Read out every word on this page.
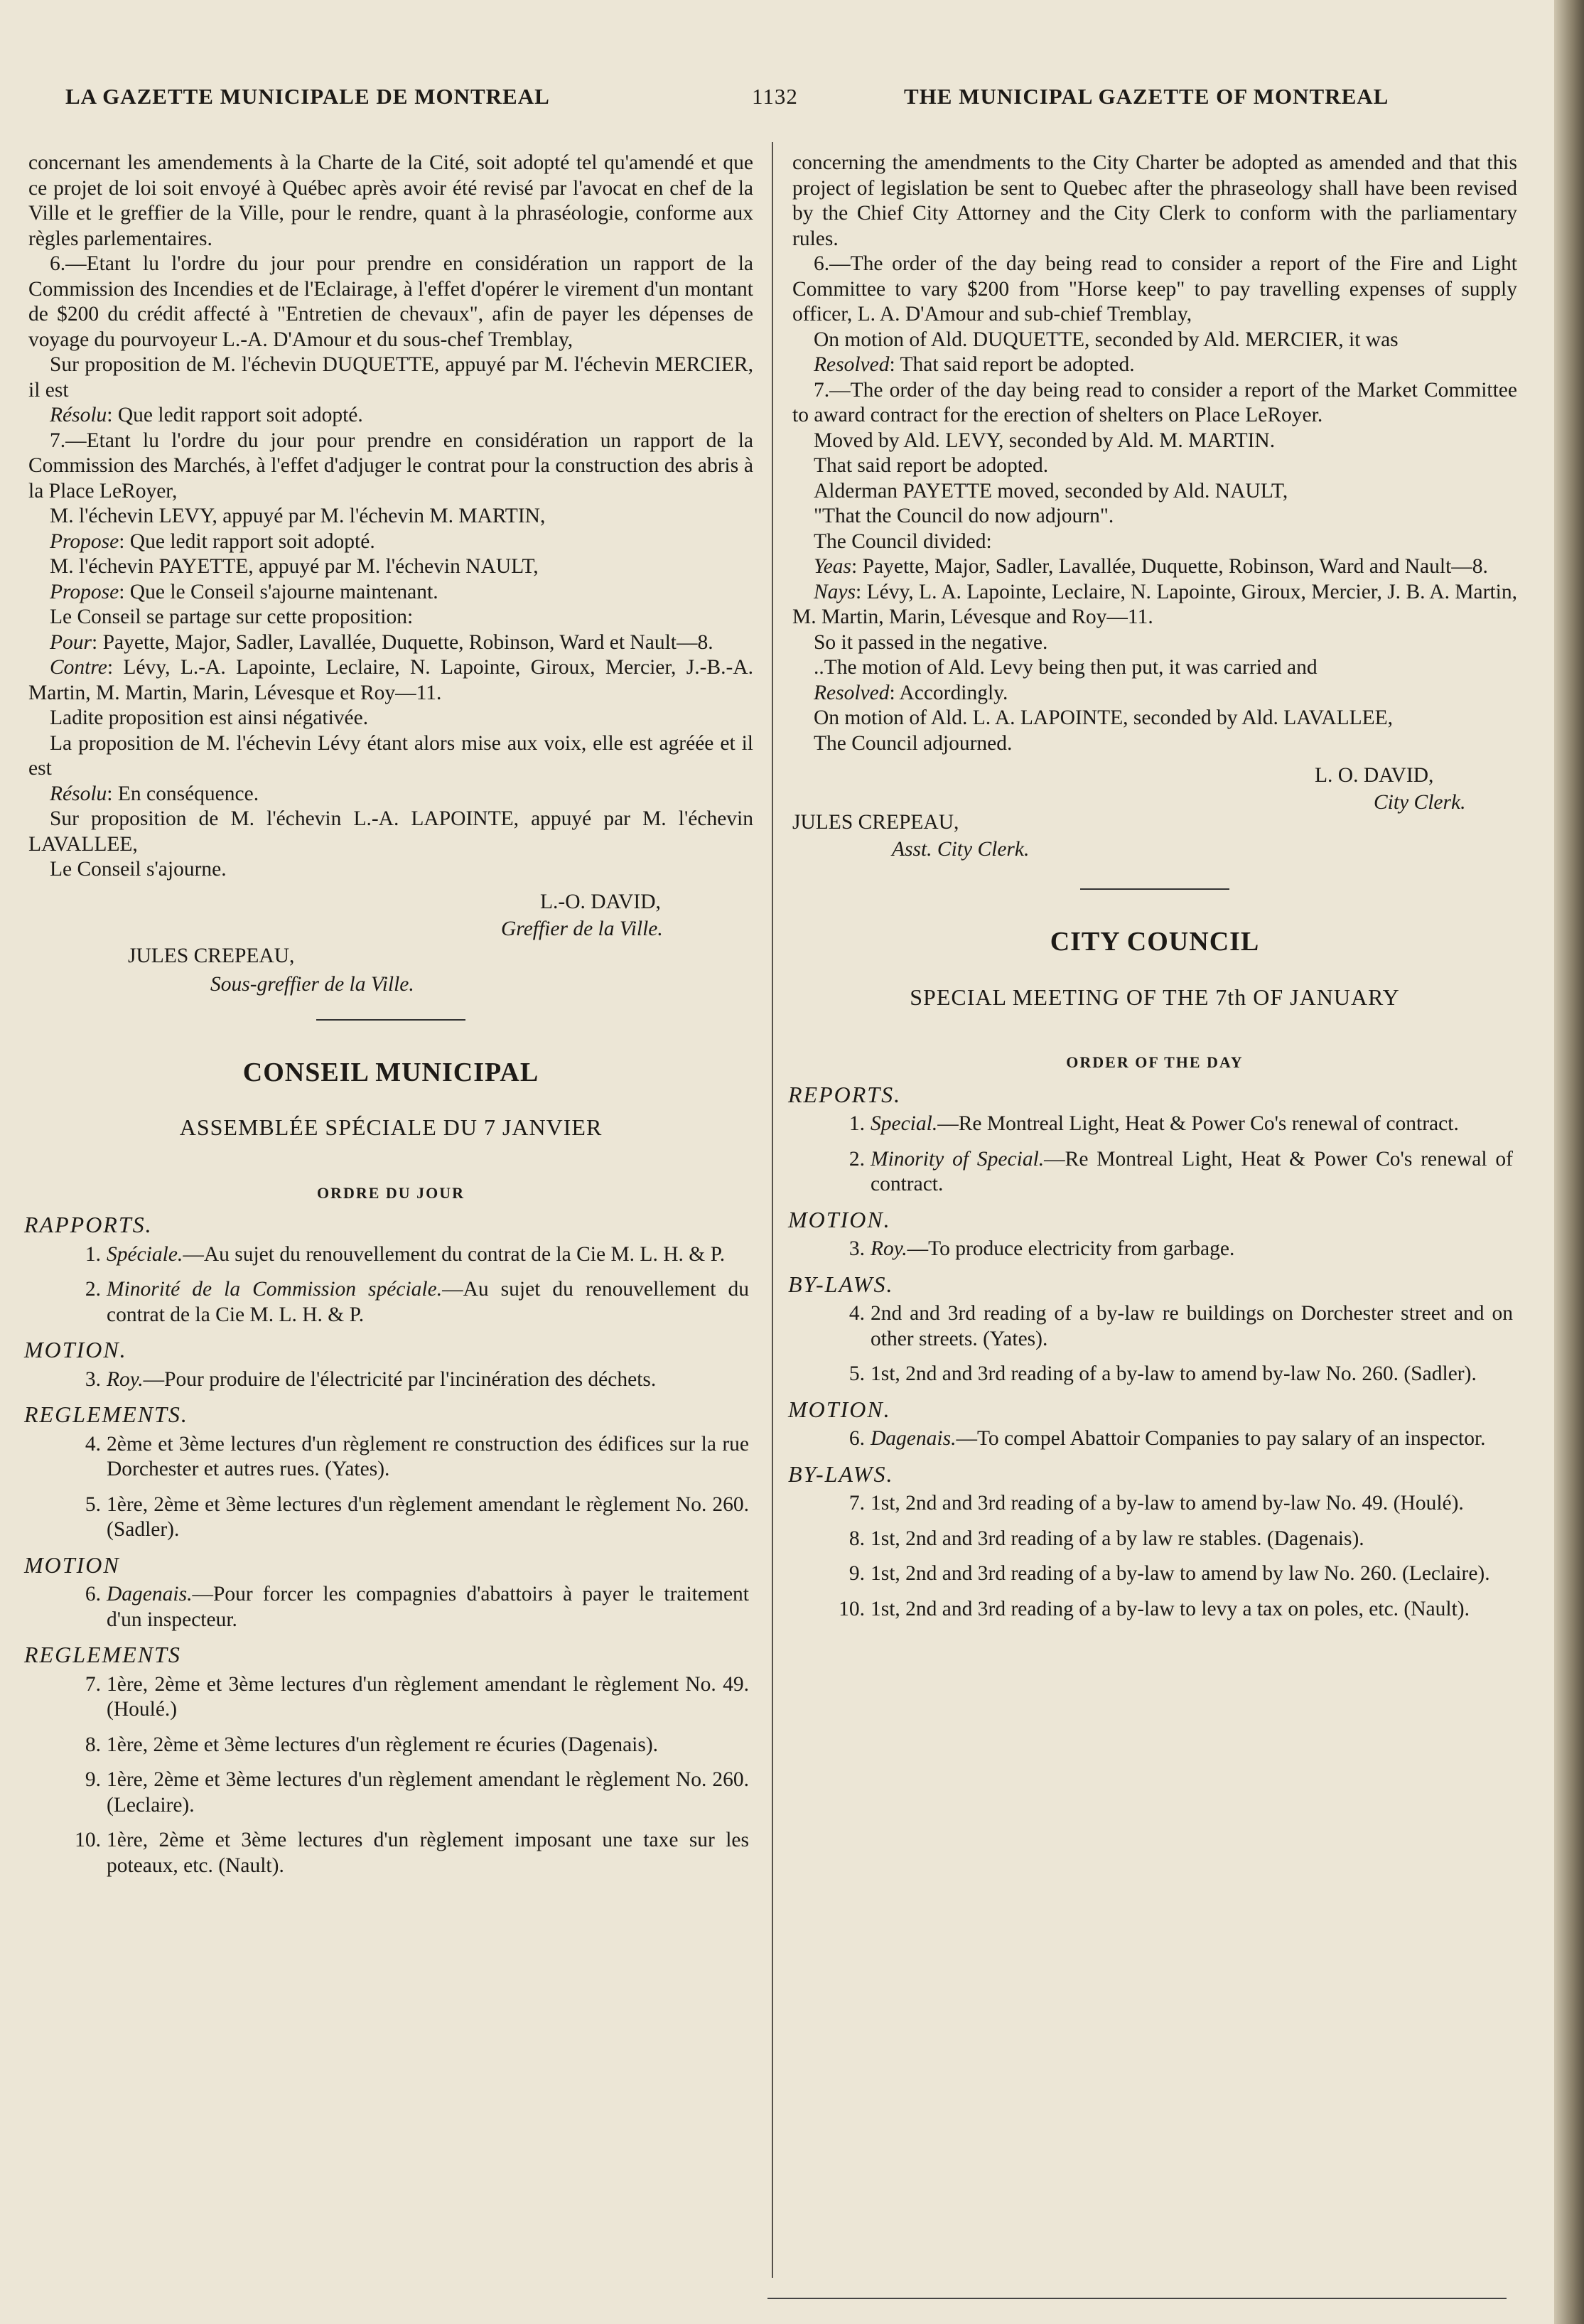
LA GAZETTE MUNICIPALE DE MONTREAL	1132	THE MUNICIPAL GAZETTE OF MONTREAL

concernant les amendements à la Charte de la Cité, soit adopté tel qu'amendé et que ce projet de loi soit envoyé à Québec après avoir été revisé par l'avocat en chef de la Ville et le greffier de la Ville, pour le rendre, quant à la phraséologie, conforme aux règles parlementaires.

6.—Etant lu l'ordre du jour pour prendre en considération un rapport de la Commission des Incendies et de l'Eclairage, à l'effet d'opérer le virement d'un montant de $200 du crédit affecté à "Entretien de chevaux", afin de payer les dépenses de voyage du pourvoyeur L.-A. D'Amour et du sous-chef Tremblay,

Sur proposition de M. l'échevin DUQUETTE, appuyé par M. l'échevin MERCIER, il est

Résolu: Que ledit rapport soit adopté.

7.—Etant lu l'ordre du jour pour prendre en considération un rapport de la Commission des Marchés, à l'effet d'adjuger le contrat pour la construction des abris à la Place LeRoyer,

M. l'échevin LEVY, appuyé par M. l'échevin M. MARTIN,

Propose: Que ledit rapport soit adopté.

M. l'échevin PAYETTE, appuyé par M. l'échevin NAULT,

Propose: Que le Conseil s'ajourne maintenant.

Le Conseil se partage sur cette proposition:

Pour: Payette, Major, Sadler, Lavallée, Duquette, Robinson, Ward et Nault—8.

Contre: Lévy, L.-A. Lapointe, Leclaire, N. Lapointe, Giroux, Mercier, J.-B.-A. Martin, M. Martin, Marin, Lévesque et Roy—11.

Ladite proposition est ainsi négativée.

La proposition de M. l'échevin Lévy étant alors mise aux voix, elle est agréée et il est

Résolu: En conséquence.

Sur proposition de M. l'échevin L.-A. LAPOINTE, appuyé par M. l'échevin LAVALLEE,

Le Conseil s'ajourne.

L.-O. DAVID,
Greffier de la Ville.
JULES CREPEAU,
Sous-greffier de la Ville.
CONSEIL MUNICIPAL
ASSEMBLÉE SPÉCIALE DU 7 JANVIER
ORDRE DU JOUR
RAPPORTS.
1. Spéciale.—Au sujet du renouvellement du contrat de la Cie M. L. H. & P.
2. Minorité de la Commission spéciale.—Au sujet du renouvellement du contrat de la Cie M. L. H. & P.
MOTION.
3. Roy.—Pour produire de l'électricité par l'incinération des déchets.
REGLEMENTS.
4. 2ème et 3ème lectures d'un règlement re construction des édifices sur la rue Dorchester et autres rues. (Yates).
5. 1ère, 2ème et 3ème lectures d'un règlement amendant le règlement No. 260. (Sadler).
MOTION
6. Dagenais.—Pour forcer les compagnies d'abattoirs à payer le traitement d'un inspecteur.
REGLEMENTS
7. 1ère, 2ème et 3ème lectures d'un règlement amendant le règlement No. 49. (Houlé.)
8. 1ère, 2ème et 3ème lectures d'un règlement re écuries (Dagenais).
9. 1ère, 2ème et 3ème lectures d'un règlement amendant le règlement No. 260. (Leclaire).
10. 1ère, 2ème et 3ème lectures d'un règlement imposant une taxe sur les poteaux, etc. (Nault).

concerning the amendments to the City Charter be adopted as amended and that this project of legislation be sent to Quebec after the phraseology shall have been revised by the Chief City Attorney and the City Clerk to conform with the parliamentary rules.

6.—The order of the day being read to consider a report of the Fire and Light Committee to vary $200 from "Horse keep" to pay travelling expenses of supply officer, L. A. D'Amour and sub-chief Tremblay,

On motion of Ald. DUQUETTE, seconded by Ald. MERCIER, it was

Resolved: That said report be adopted.

7.—The order of the day being read to consider a report of the Market Committee to award contract for the erection of shelters on Place LeRoyer.

Moved by Ald. LEVY, seconded by Ald. M. MARTIN.

That said report be adopted.

Alderman PAYETTE moved, seconded by Ald. NAULT,

"That the Council do now adjourn".

The Council divided:

Yeas: Payette, Major, Sadler, Lavallée, Duquette, Robinson, Ward and Nault—8.

Nays: Lévy, L. A. Lapointe, Leclaire, N. Lapointe, Giroux, Mercier, J. B. A. Martin, M. Martin, Marin, Lévesque and Roy—11.

So it passed in the negative.

..The motion of Ald. Levy being then put, it was carried and

Resolved: Accordingly.

On motion of Ald. L. A. LAPOINTE, seconded by Ald. LAVALLEE,

The Council adjourned.

L. O. DAVID,
City Clerk.
JULES CREPEAU,
Asst. City Clerk.
CITY COUNCIL
SPECIAL MEETING OF THE 7th OF JANUARY
ORDER OF THE DAY
REPORTS.
1. Special.—Re Montreal Light, Heat & Power Co's renewal of contract.
2. Minority of Special.—Re Montreal Light, Heat & Power Co's renewal of contract.
MOTION.
3. Roy.—To produce electricity from garbage.
BY-LAWS.
4. 2nd and 3rd reading of a by-law re buildings on Dorchester street and on other streets. (Yates).
5. 1st, 2nd and 3rd reading of a by-law to amend by-law No. 260. (Sadler).
MOTION.
6. Dagenais.—To compel Abattoir Companies to pay salary of an inspector.
BY-LAWS.
7. 1st, 2nd and 3rd reading of a by-law to amend by-law No. 49. (Houlé).
8. 1st, 2nd and 3rd reading of a by law re stables. (Dagenais).
9. 1st, 2nd and 3rd reading of a by-law to amend by law No. 260. (Leclaire).
10. 1st, 2nd and 3rd reading of a by-law to levy a tax on poles, etc. (Nault).
